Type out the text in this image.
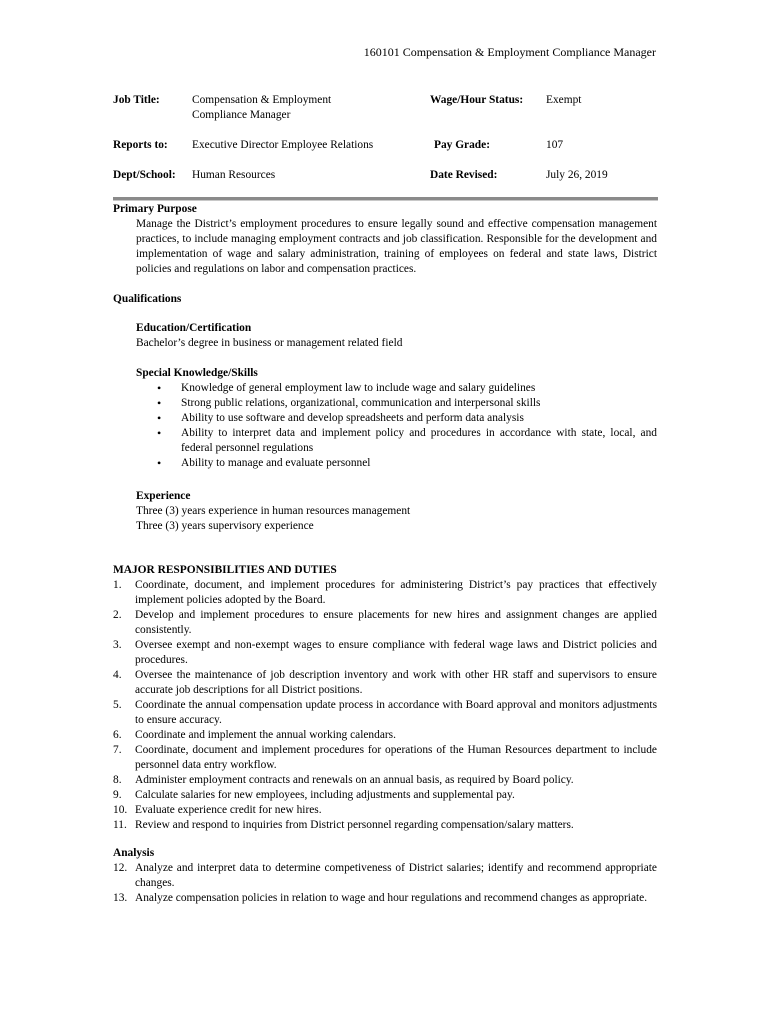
160101 Compensation & Employment Compliance Manager
Job Title:	Compensation & Employment
Compliance Manager
Wage/Hour Status: Exempt
Reports to: Executive Director Employee Relations	Pay Grade:	107
Dept/School: Human Resources	Date Revised:	July 26, 2019
Primary Purpose
Manage the District’s employment procedures to ensure legally sound and effective compensation management practices, to include managing employment contracts and job classification. Responsible for the development and implementation of wage and salary administration, training of employees on federal and state laws, District policies and regulations on labor and compensation practices.
Qualifications
Education/Certification
Bachelor’s degree in business or management related field
Special Knowledge/Skills
• Knowledge of general employment law to include wage and salary guidelines
• Strong public relations, organizational, communication and interpersonal skills
• Ability to use software and develop spreadsheets and perform data analysis
• Ability to interpret data and implement policy and procedures in accordance with state, local, and federal personnel regulations
• Ability to manage and evaluate personnel
Experience
Three (3) years experience in human resources management
Three (3) years supervisory experience
MAJOR RESPONSIBILITIES AND DUTIES
1. Coordinate, document, and implement procedures for administering District’s pay practices that effectively implement policies adopted by the Board.
2. Develop and implement procedures to ensure placements for new hires and assignment changes are applied consistently.
3. Oversee exempt and non-exempt wages to ensure compliance with federal wage laws and District policies and procedures.
4. Oversee the maintenance of job description inventory and work with other HR staff and supervisors to ensure accurate job descriptions for all District positions.
5. Coordinate the annual compensation update process in accordance with Board approval and monitors adjustments to ensure accuracy.
6. Coordinate and implement the annual working calendars.
7. Coordinate, document and implement procedures for operations of the Human Resources department to include personnel data entry workflow.
8. Administer employment contracts and renewals on an annual basis, as required by Board policy.
9. Calculate salaries for new employees, including adjustments and supplemental pay.
10. Evaluate experience credit for new hires.
11. Review and respond to inquiries from District personnel regarding compensation/salary matters.
Analysis
12. Analyze and interpret data to determine competiveness of District salaries; identify and recommend appropriate changes.
13. Analyze compensation policies in relation to wage and hour regulations and recommend changes as appropriate.
